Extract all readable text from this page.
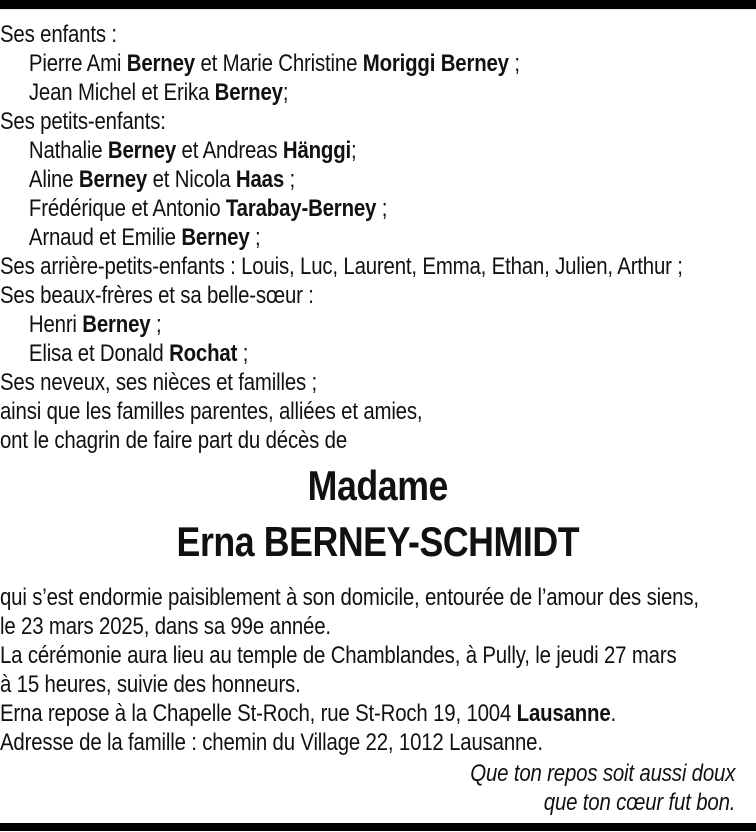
Ses enfants :
Pierre Ami Berney et Marie Christine Moriggi Berney ;
Jean Michel et Erika Berney;
Ses petits-enfants:
Nathalie Berney et Andreas Hänggi;
Aline Berney et Nicola Haas ;
Frédérique et Antonio Tarabay-Berney ;
Arnaud et Emilie Berney ;
Ses arrière-petits-enfants : Louis, Luc, Laurent, Emma, Ethan, Julien, Arthur ;
Ses beaux-frères et sa belle-sœur :
Henri Berney ;
Elisa et Donald Rochat ;
Ses neveux, ses nièces et familles ;
ainsi que les familles parentes, alliées et amies,
ont le chagrin de faire part du décès de
Madame
Erna BERNEY-SCHMIDT
qui s’est endormie paisiblement à son domicile, entourée de l’amour des siens,
le 23 mars 2025, dans sa 99e année.
La cérémonie aura lieu au temple de Chamblandes, à Pully, le jeudi 27 mars
à 15 heures, suivie des honneurs.
Erna repose à la Chapelle St-Roch, rue St-Roch 19, 1004 Lausanne.
Adresse de la famille : chemin du Village 22, 1012 Lausanne.
Que ton repos soit aussi doux
que ton cœur fut bon.
